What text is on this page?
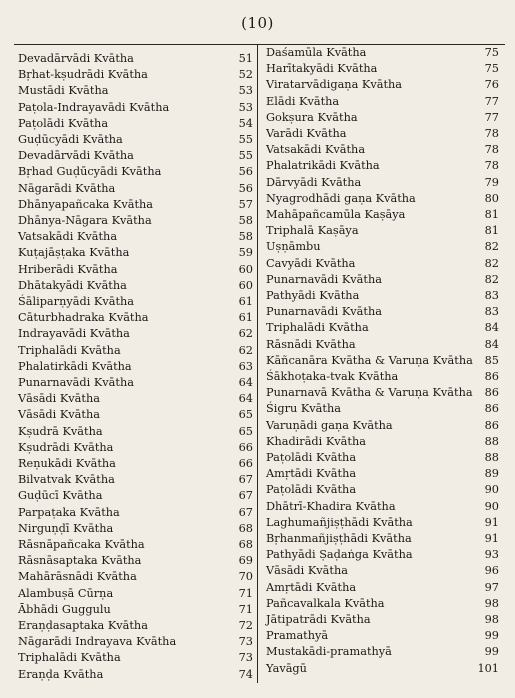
(10)
Devadārvādi Kvātha	51
Bṛhat-kṣudrādi Kvātha	52
Mustādi Kvātha	53
Paṭola-Indrayavādi Kvātha	53
Paṭolādi Kvātha	54
Guḍūcyādi Kvātha	55
Devadārvādi Kvātha	55
Bṛhad Guḍūcyādi Kvātha	56
Nāgarādi Kvātha	56
Dhānyapañcaka Kvātha	57
Dhānya-Nāgara Kvātha	58
Vatsakādi Kvātha	58
Kuṭajāṣṭaka Kvātha	59
Hriberādi Kvātha	60
Dhātakyādi Kvātha	60
Śāliparṇyādi Kvātha	61
Cāturbhadraka Kvātha	61
Indrayavādi Kvātha	62
Triphalādi Kvātha	62
Phalatirkādi Kvātha	63
Punarnavādi Kvātha	64
Vāsādi Kvātha	64
Vāsādi Kvātha	65
Kṣudrā Kvātha	65
Kṣudrādi Kvātha	66
Reṇukādi Kvātha	66
Bilvatvak Kvātha	67
Guḍūcī Kvātha	67
Parpaṭaka Kvātha	67
Nirguṇḍī Kvātha	68
Rāsnāpañcaka Kvātha	68
Rāsnāsaptaka Kvātha	69
Mahārāsnādi Kvātha	70
Alambuṣā Cūrṇa	71
Ābhādi Guggulu	71
Eraṇḍasaptaka Kvātha	72
Nāgarādi Indrayava Kvātha	73
Triphalādi Kvātha	73
Eraṇḍa Kvātha	74
Daśamūla Kvātha	75
Harītakyādi Kvātha	75
Viratarvādigaṇa Kvātha	76
Elādi Kvātha	77
Gokṣura Kvātha	77
Varādi Kvātha	78
Vatsakādi Kvātha	78
Phalatrikādi Kvātha	78
Dārvyādi Kvātha	79
Nyagrodhādi gaṇa Kvātha	80
Mahāpañcamūla Kaṣāya	81
Triphalā Kaṣāya	81
Uṣṇāmbu	82
Cavyādi Kvātha	82
Punarnavādi Kvātha	82
Pathyādi Kvātha	83
Punarnavādi Kvātha	83
Triphalādi Kvātha	84
Rāsnādi Kvātha	84
Kāñcanāra Kvātha & Varuṇa Kvātha 85
Śākhoṭaka-tvak Kvātha	86
Punarnavā Kvātha & Varuṇa Kvātha 86
Śigru Kvātha	86
Varuṇādi gaṇa Kvātha	86
Khadirādi Kvātha	88
Paṭolādi Kvātha	88
Amṛtādi Kvātha	89
Paṭolādi Kvātha	90
Dhātrī-Khadira Kvātha	90
Laghumañjiṣṭhādi Kvātha	91
Bṛhanmañjiṣṭhādi Kvātha	91
Pathyādi Ṣaḍaṅga Kvātha	93
Vāsādi Kvātha	96
Amṛtādi Kvātha	97
Pañcavalkala Kvātha	98
Jātipatrādi Kvātha	98
Pramathyā	99
Mustakādi-pramathyā	99
Yavāgū	101
